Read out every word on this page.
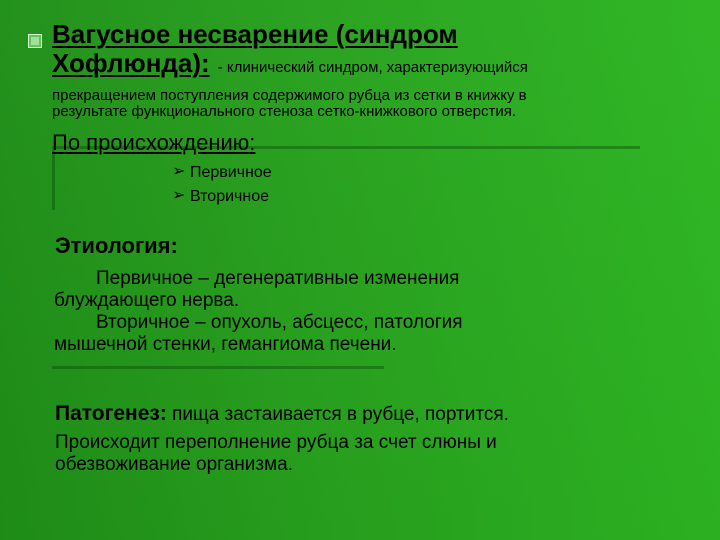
Вагусное несварение (синдром
Хофлюнда): - клинический синдром, характеризующийся
прекращением поступления содержимого рубца из сетки в книжку в
результате функционального стеноза сетко-книжкового отверстия.
По происхождению:
➢ Первичное
➢ Вторичное
Этиология:
Первичное – дегенеративные изменения
блуждающего нерва.
Вторичное – опухоль, абсцесс, патология
мышечной стенки, гемангиома печени.
Патогенез: пища застаивается в рубце, портится.
Происходит переполнение рубца за счет слюны и
обезвоживание организма.
